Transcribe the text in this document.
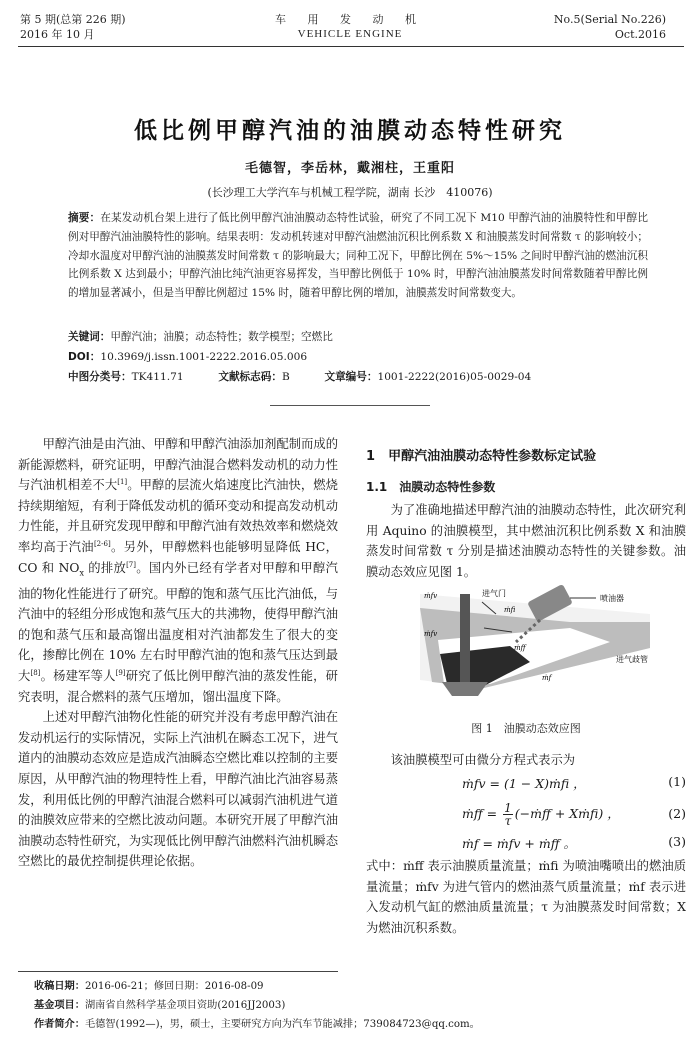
第 5 期(总第 226 期)
2016 年 10 月
车 用 发 动 机
VEHICLE ENGINE
No.5(Serial No.226)
Oct.2016
低比例甲醇汽油的油膜动态特性研究
毛德智，李岳林，戴湘柱，王重阳
(长沙理工大学汽车与机械工程学院，湖南 长沙　410076)
摘要：在某发动机台架上进行了低比例甲醇汽油油膜动态特性试验，研究了不同工况下 M10 甲醇汽油的油膜特性和甲醇比例对甲醇汽油油膜特性的影响。结果表明：发动机转速对甲醇汽油燃油沉积比例系数 X 和油膜蒸发时间常数 τ 的影响较小；冷却水温度对甲醇汽油的油膜蒸发时间常数 τ 的影响最大；同种工况下，甲醇比例在 5%～15% 之间时甲醇汽油的燃油沉积比例系数 X 达到最小；甲醇汽油比纯汽油更容易挥发，当甲醇比例低于 10% 时，甲醇汽油油膜蒸发时间常数随着甲醇比例的增加显著减小，但是当甲醇比例超过 15% 时，随着甲醇比例的增加，油膜蒸发时间常数变大。
关键词：甲醇汽油；油膜；动态特性；数学模型；空燃比
DOI：10.3969/j.issn.1001-2222.2016.05.006
中图分类号：TK411.71	文献标志码：B	文章编号：1001-2222(2016)05-0029-04

甲醇汽油是由汽油、甲醇和甲醇汽油添加剂配制而成的新能源燃料，研究证明，甲醇汽油混合燃料发动机的动力性与汽油机相差不大[1]。甲醇的层流火焰速度比汽油快，燃烧持续期缩短，有利于降低发动机的循环变动和提高发动机动力性能，并且研究发现甲醇和甲醇汽油有效热效率和燃烧效率均高于汽油[2-6]。另外，甲醇燃料也能够明显降低 HC，CO 和 $NO_x$ 的排放[7]。国内外已经有学者对甲醇和甲醇汽油的物化性能进行了研究。甲醇的饱和蒸气压比汽油低，与汽油中的轻组分形成饱和蒸气压大的共沸物，使得甲醇汽油的饱和蒸气压和最高馏出温度相对汽油都发生了很大的变化，掺醇比例在 10% 左右时甲醇汽油的饱和蒸气压达到最大[8]。杨建军等人[9]研究了低比例甲醇汽油的蒸发性能，研究表明，混合燃料的蒸气压增加，馏出温度下降。

上述对甲醇汽油物化性能的研究并没有考虑甲醇汽油在发动机运行的实际情况，实际上汽油机在瞬态工况下，进气道内的油膜动态效应是造成汽油瞬态空燃比难以控制的主要原因，从甲醇汽油的物理特性上看，甲醇汽油比汽油容易蒸发，利用低比例的甲醇汽油混合燃料可以减弱汽油机进气道的油膜效应带来的空燃比波动问题。本研究开展了甲醇汽油油膜动态特性研究，为实现低比例甲醇汽油燃料汽油机瞬态空燃比的最优控制提供理论依据。

1　 甲醇汽油油膜动态特性参数标定试验
1.1　 油膜动态特性参数

为了准确地描述甲醇汽油的油膜动态特性，此次研究利用 Aquino 的油膜模型，其中燃油沉积比例系数 X 和油膜蒸发时间常数 τ 分别是描述油膜动态特性的关键参数。油膜动态效应见图 1。

进气门
喷油器
进气歧管
ṁfv
ṁfi
ṁfv
ṁff
ṁf
图 1　油膜动态效应图

该油膜模型可由微分方程式表示为

ṁfv = (1 − X)ṁfi ，	(1)
ṁff = $\frac{1}{\tau}$ (−ṁff + Xṁfi) ，	(2)
ṁf = ṁfv + ṁff 。	(3)

式中：ṁff 表示油膜质量流量；ṁfi 为喷油嘴喷出的燃油质量流量；ṁfv 为进气管内的燃油蒸气质量流量；ṁf 表示进入发动机气缸的燃油质量流量；τ 为油膜蒸发时间常数；X 为燃油沉积系数。

收稿日期：2016-06-21；修回日期：2016-08-09
基金项目：湖南省自然科学基金项目资助(2016JJ2003)
作者简介：毛德智(1992—)，男，硕士，主要研究方向为汽车节能减排；739084723@qq.com。
